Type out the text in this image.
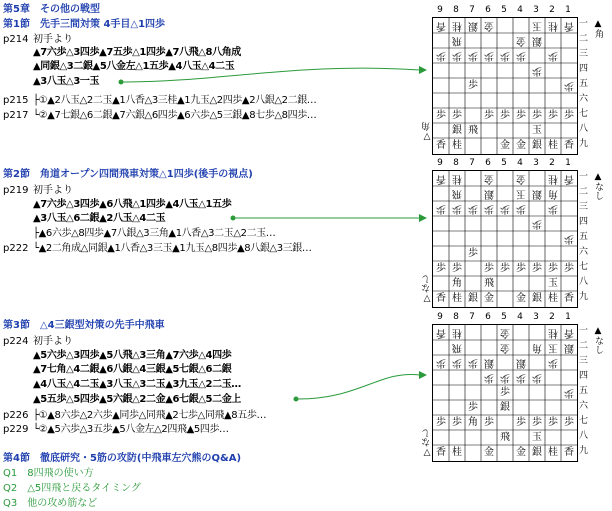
第5章　その他の戦型
第1節　先手三間対策 4手目△1四歩
p214 初手より
▲7六歩△3四歩▲7五歩△1四歩▲7八飛△8八角成
▲同銀△3二銀▲5八金左△1五歩▲4八玉△4二玉
▲3八玉△3一玉
p215 ├①▲2八玉△2二玉▲1八香△3三桂▲1九玉△2四歩▲2八銀△2二銀…
p217 └②▲7七銀△6二銀▲7六銀△6四歩▲6六歩△5三銀▲8七歩△8四歩…
第2節　角道オープン四間飛車対策△1四歩(後手の視点)
p219 初手より
▲7六歩△3四歩▲6八飛△1四歩▲4八玉△1五歩
▲3八玉△6二銀▲2八玉△4二玉
├▲6六歩△8四歩▲7八銀△3三角▲1八香△3二玉△2二玉…
p222 └▲2二角成△同銀▲1八香△3三玉▲1九玉△8四歩▲8八銀△3三銀…
第3節　△4三銀型対策の先手中飛車
p224 初手より
▲5六歩△3四歩▲5八飛△3三角▲7六歩△4四歩
▲7七角△4二銀▲6八銀△4三銀▲5七銀△6二銀
▲4八玉△4二玉▲3八玉△3二玉▲3九玉△2二玉…
▲5五歩△5四歩▲5六銀△2二金▲6七銀△5二金上
p226 ├①▲8六歩△2六歩▲同歩△同飛▲2七歩△同飛▲8五歩…
p229 └②▲5六歩△3五歩▲5八金左△2四飛▲5四歩…
第4節　徹底研究・5筋の攻防(中飛車左穴熊のQ&A)
Q1　8四飛の使い方
Q2　△5四飛と戻るタイミング
Q3　他の攻め筋など
9	8	7	6	5	4	3	2	1
香 桂 銀 金	玉 桂 香
飛	金 銀
歩 歩 歩 歩 歩 歩	歩
歩
歩
歩
歩 歩	歩 歩 歩 歩 歩 歩
銀 飛	玉
香 桂	金 金 銀 桂 香
一
二
三
四
五
六
七
八
九
▲角
▽角
9	8	7	6	5	4	3	2	1
香 桂	金	金	桂 香
飛	銀	玉	角
銀
歩 歩 歩 歩 歩 歩	歩
歩
歩
歩
歩 歩	歩 歩 歩 歩 歩 歩
角	飛	玉
香 桂 銀 金	金 銀 桂 香
一
二
三
四
五
六
七
八
九
▲なし
▽なし
9	8	7	6	5	4	3	2	1
香 桂	金	桂 香
飛	金	角 玉 銀
歩 歩 歩 銀	銀	歩
歩 歩 歩 歩
歩
歩
歩	銀
歩 歩 角 歩	歩 歩 歩 歩
飛	玉
香 桂	金	金 銀 桂 香
一
二
三
四
五
六
七
八
九
▲なし
▽なし
